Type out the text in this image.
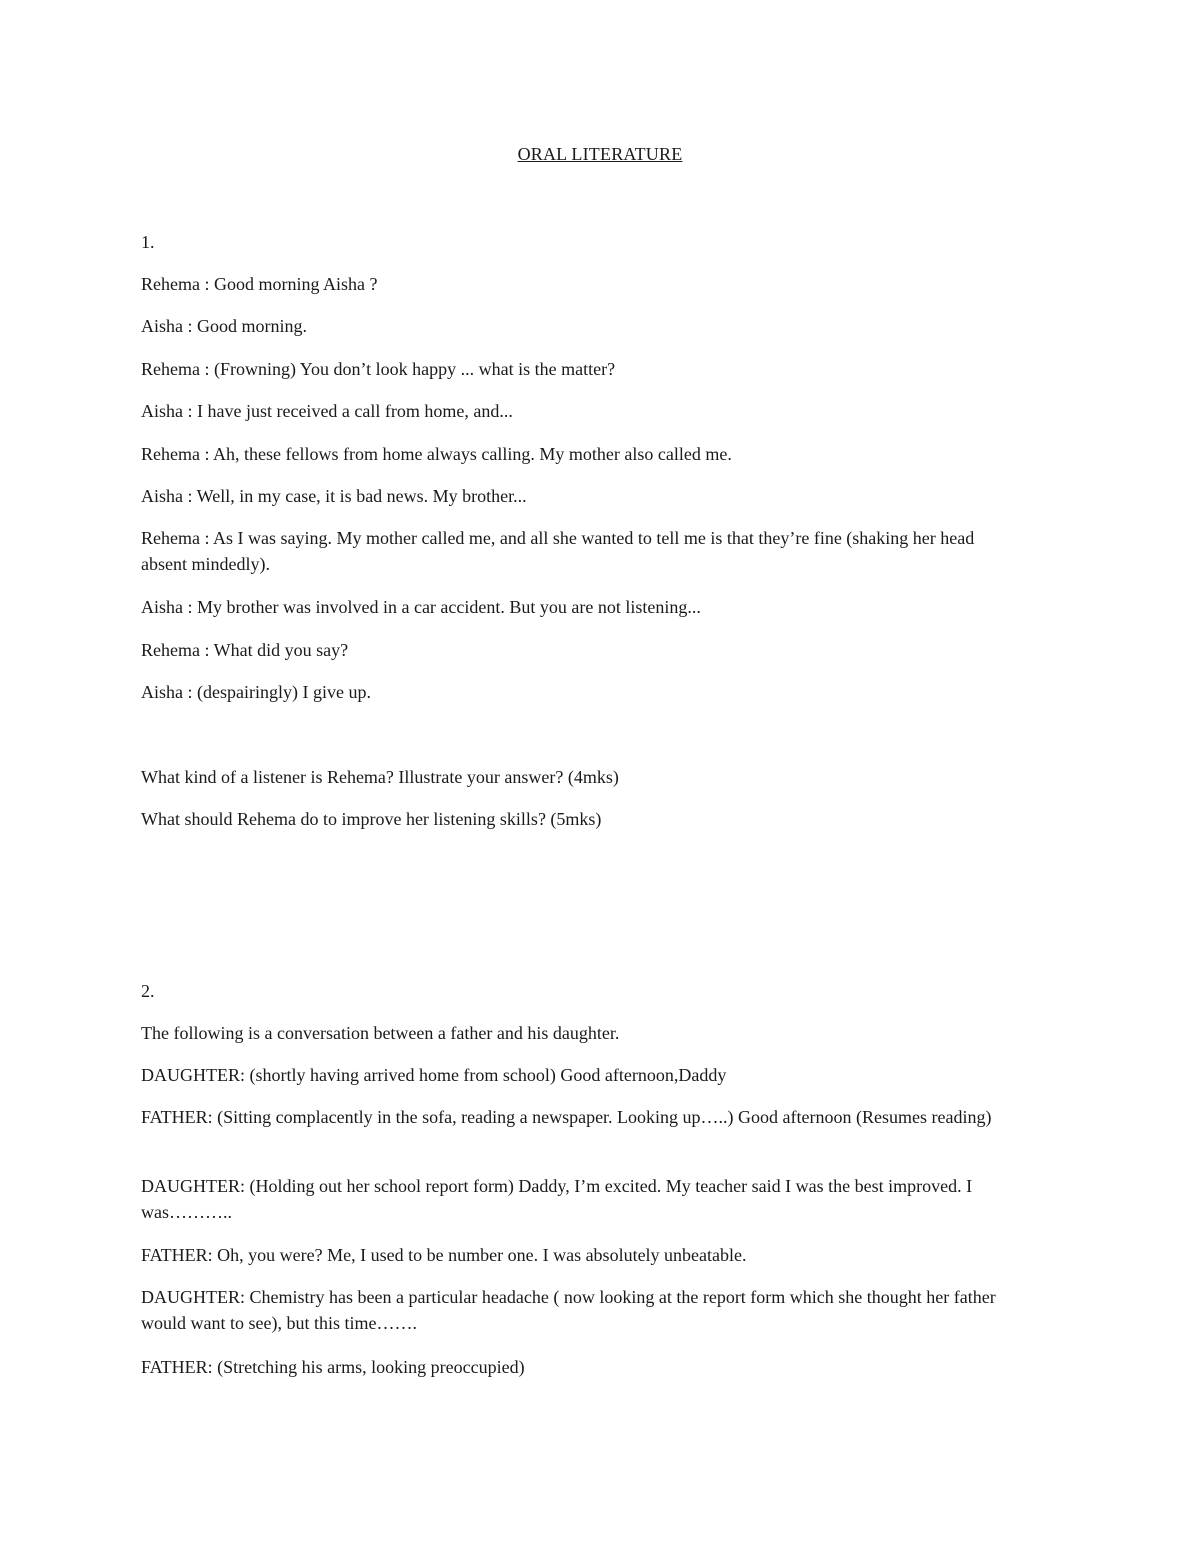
ORAL LITERATURE
1.
Rehema : Good morning Aisha ?
Aisha : Good morning.
Rehema : (Frowning) You don’t look happy ... what is the matter?
Aisha : I have just received a call from home, and...
Rehema : Ah, these fellows from home always calling. My mother also called me.
Aisha : Well, in my case, it is bad news. My brother...
Rehema : As I was saying. My mother called me, and all she wanted to tell me is that they’re fine (shaking her head absent mindedly).
Aisha : My brother was involved in a car accident. But you are not listening...
Rehema : What did you say?
Aisha : (despairingly) I give up.
What kind of a listener is Rehema? Illustrate your answer? (4mks)
What should Rehema do to improve her listening skills? (5mks)
2.
The following is a conversation between a father and his daughter.
DAUGHTER: (shortly having arrived home from school) Good afternoon,Daddy
FATHER: (Sitting complacently in the sofa, reading a newspaper. Looking up…..) Good afternoon (Resumes reading)
DAUGHTER: (Holding out her school report form) Daddy, I’m excited. My teacher said I was the best improved. I was………..
FATHER: Oh, you were? Me, I used to be number one. I was absolutely unbeatable.
DAUGHTER: Chemistry has been a particular headache ( now looking at the report form which she thought her father would want to see), but this time…….
FATHER: (Stretching his arms, looking preoccupied)
